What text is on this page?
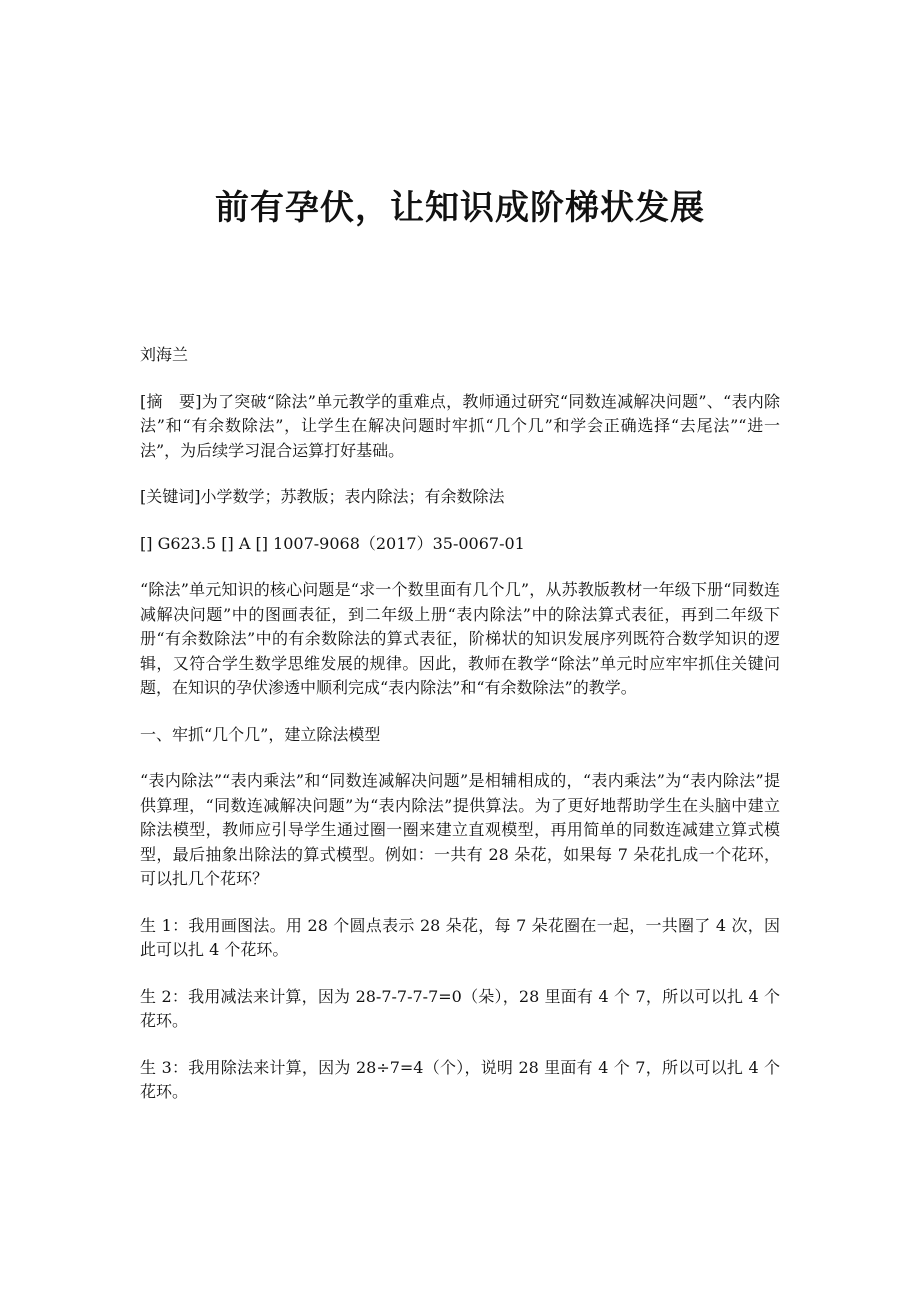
前有孕伏，让知识成阶梯状发展

刘海兰

[摘　要]为了突破“除法”单元教学的重难点，教师通过研究“同数连减解决问题”、“表内除法”和“有余数除法”，让学生在解决问题时牢抓“几个几”和学会正确选择“去尾法”“进一法”，为后续学习混合运算打好基础。

[关键词]小学数学；苏教版；表内除法；有余数除法

[] G623.5 [] A [] 1007-9068（2017）35-0067-01

“除法”单元知识的核心问题是“求一个数里面有几个几”，从苏教版教材一年级下册“同数连减解决问题”中的图画表征，到二年级上册“表内除法”中的除法算式表征，再到二年级下册“有余数除法”中的有余数除法的算式表征，阶梯状的知识发展序列既符合数学知识的逻辑，又符合学生数学思维发展的规律。因此，教师在教学“除法”单元时应牢牢抓住关键问题，在知识的孕伏渗透中顺利完成“表内除法”和“有余数除法”的教学。

一、牢抓“几个几”，建立除法模型

“表内除法”“表内乘法”和“同数连减解决问题”是相辅相成的，“表内乘法”为“表内除法”提供算理，“同数连减解决问题”为“表内除法”提供算法。为了更好地帮助学生在头脑中建立除法模型，教师应引导学生通过圈一圈来建立直观模型，再用简单的同数连减建立算式模型，最后抽象出除法的算式模型。例如：一共有 28 朵花，如果每 7 朵花扎成一个花环，可以扎几个花环？

生 1：我用画图法。用 28 个圆点表示 28 朵花，每 7 朵花圈在一起，一共圈了 4 次，因此可以扎 4 个花环。

生 2：我用减法来计算，因为 28-7-7-7-7=0（朵），28 里面有 4 个 7，所以可以扎 4 个花环。

生 3：我用除法来计算，因为 28÷7=4（个），说明 28 里面有 4 个 7，所以可以扎 4 个花环。
